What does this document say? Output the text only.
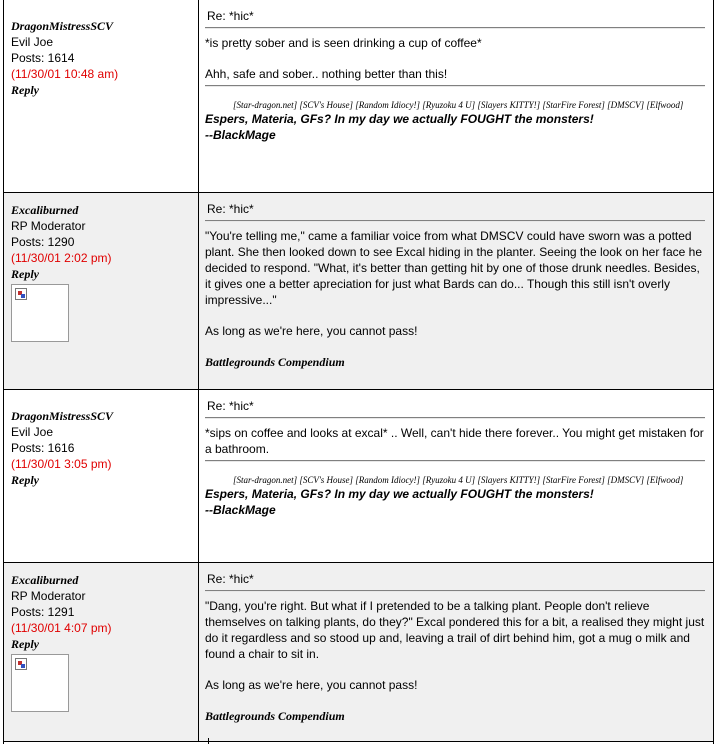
DragonMistressSCV
Evil Joe
Posts: 1614
(11/30/01 10:48 am)
Reply
Re: *hic*

*is pretty sober and is seen drinking a cup of coffee*

Ahh, safe and sober.. nothing better than this!

[Star-dragon.net] [SCV's House] [Random Idiocy!] [Ryuzoku 4 U] [Slayers KITTY!] [StarFire Forest] [DMSCV] [Elfwood]
Espers, Materia, GFs? In my day we actually FOUGHT the monsters!
--BlackMage
Excaliburned
RP Moderator
Posts: 1290
(11/30/01 2:02 pm)
Reply
Re: *hic*

"You're telling me," came a familiar voice from what DMSCV could have sworn was a potted plant. She then looked down to see Excal hiding in the planter. Seeing the look on her face he decided to respond. "What, it's better than getting hit by one of those drunk needles. Besides, it gives one a better apreciation for just what Bards can do... Though this still isn't overly impressive..."

As long as we're here, you cannot pass!

Battlegrounds Compendium
DragonMistressSCV
Evil Joe
Posts: 1616
(11/30/01 3:05 pm)
Reply
Re: *hic*

*sips on coffee and looks at excal* .. Well, can't hide there forever.. You might get mistaken for a bathroom.

[Star-dragon.net] [SCV's House] [Random Idiocy!] [Ryuzoku 4 U] [Slayers KITTY!] [StarFire Forest] [DMSCV] [Elfwood]
Espers, Materia, GFs? In my day we actually FOUGHT the monsters!
--BlackMage
Excaliburned
RP Moderator
Posts: 1291
(11/30/01 4:07 pm)
Reply
Re: *hic*

"Dang, you're right. But what if I pretended to be a talking plant. People don't relieve themselves on talking plants, do they?" Excal pondered this for a bit, a realised they might just do it regardless and so stood up and, leaving a trail of dirt behind him, got a mug o milk and found a chair to sit in.

As long as we're here, you cannot pass!

Battlegrounds Compendium
